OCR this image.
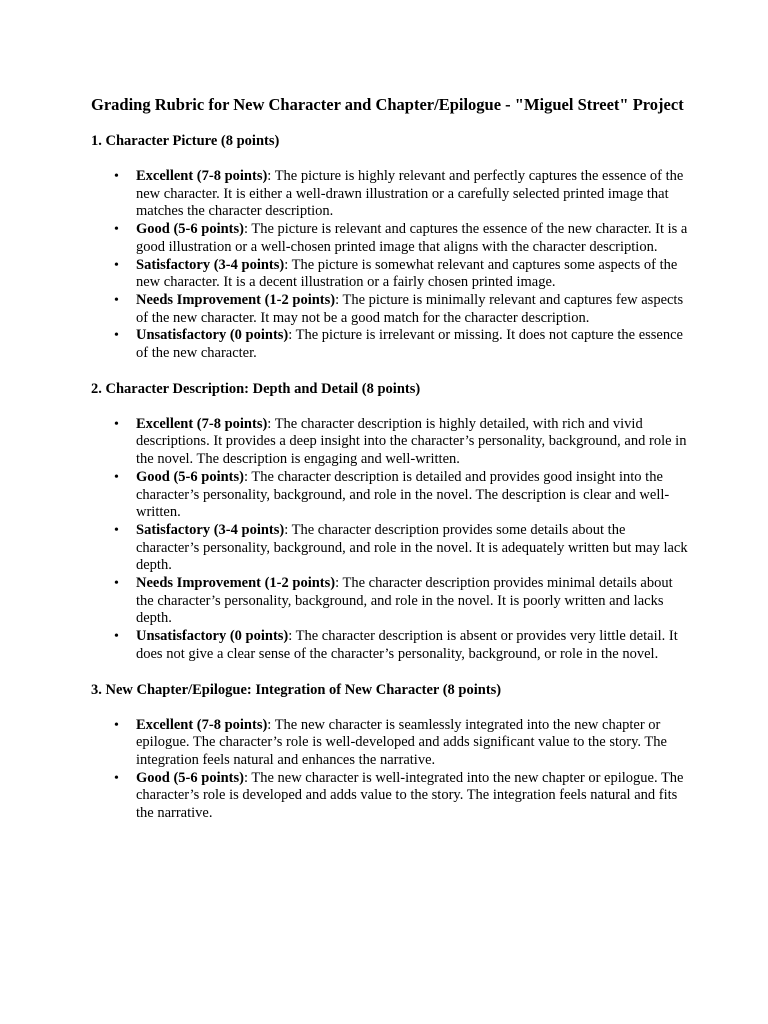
Grading Rubric for New Character and Chapter/Epilogue - "Miguel Street" Project
1. Character Picture (8 points)
• Excellent (7-8 points): The picture is highly relevant and perfectly captures the essence of the new character. It is either a well-drawn illustration or a carefully selected printed image that matches the character description.
• Good (5-6 points): The picture is relevant and captures the essence of the new character. It is a good illustration or a well-chosen printed image that aligns with the character description.
• Satisfactory (3-4 points): The picture is somewhat relevant and captures some aspects of the new character. It is a decent illustration or a fairly chosen printed image.
• Needs Improvement (1-2 points): The picture is minimally relevant and captures few aspects of the new character. It may not be a good match for the character description.
• Unsatisfactory (0 points): The picture is irrelevant or missing. It does not capture the essence of the new character.
2. Character Description: Depth and Detail (8 points)
• Excellent (7-8 points): The character description is highly detailed, with rich and vivid descriptions. It provides a deep insight into the character’s personality, background, and role in the novel. The description is engaging and well-written.
• Good (5-6 points): The character description is detailed and provides good insight into the character’s personality, background, and role in the novel. The description is clear and well-written.
• Satisfactory (3-4 points): The character description provides some details about the character’s personality, background, and role in the novel. It is adequately written but may lack depth.
• Needs Improvement (1-2 points): The character description provides minimal details about the character’s personality, background, and role in the novel. It is poorly written and lacks depth.
• Unsatisfactory (0 points): The character description is absent or provides very little detail. It does not give a clear sense of the character’s personality, background, or role in the novel.
3. New Chapter/Epilogue: Integration of New Character (8 points)
• Excellent (7-8 points): The new character is seamlessly integrated into the new chapter or epilogue. The character’s role is well-developed and adds significant value to the story. The integration feels natural and enhances the narrative.
• Good (5-6 points): The new character is well-integrated into the new chapter or epilogue. The character’s role is developed and adds value to the story. The integration feels natural and fits the narrative.
